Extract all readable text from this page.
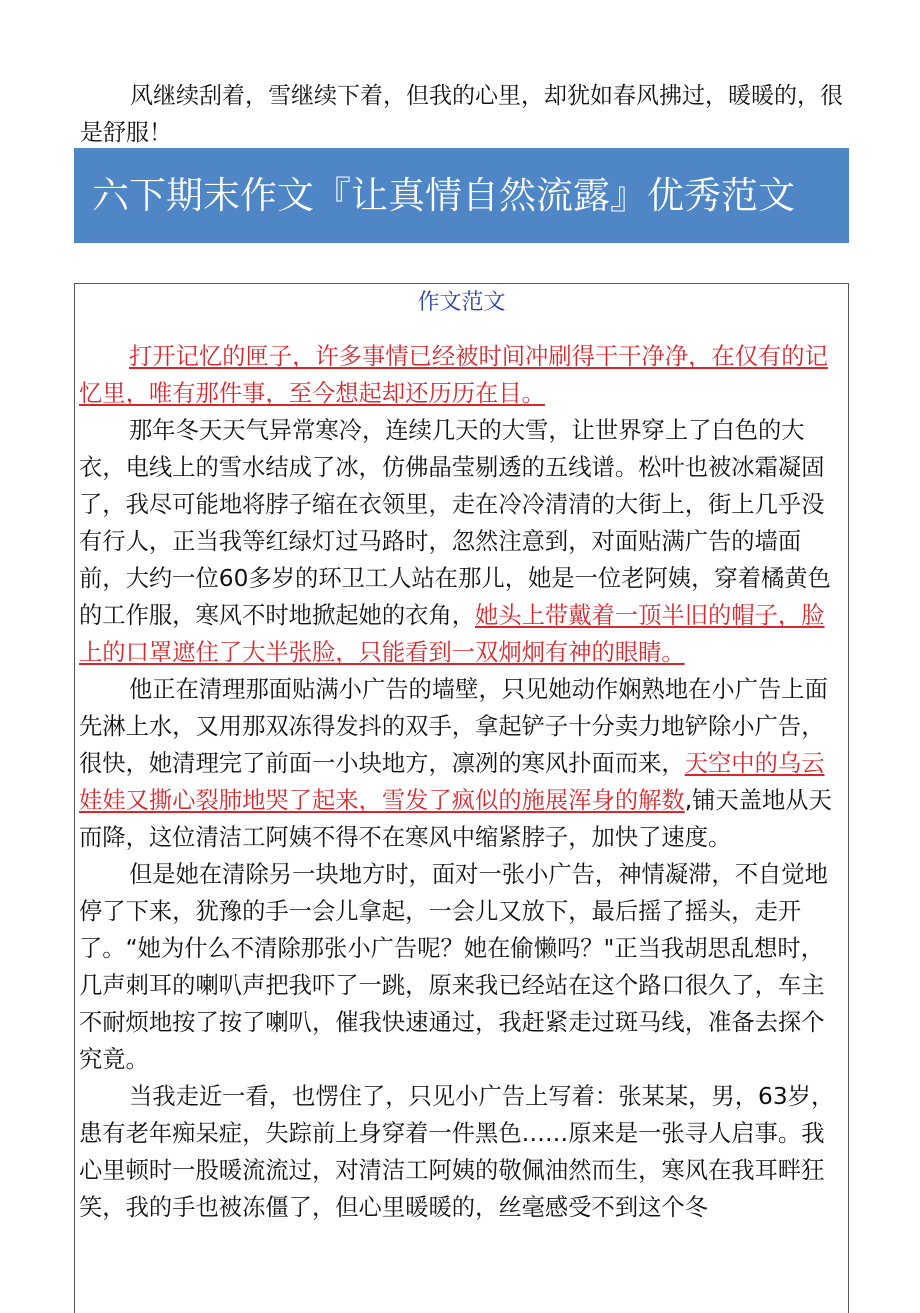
风继续刮着，雪继续下着，但我的心里，却犹如春风拂过，暖暖的，很是舒服！

六下期末作文『让真情自然流露』优秀范文

作文范文

打开记忆的匣子，许多事情已经被时间冲刷得干干净净，在仅有的记忆里，唯有那件事，至今想起却还历历在目。

那年冬天天气异常寒冷，连续几天的大雪，让世界穿上了白色的大衣，电线上的雪水结成了冰，仿佛晶莹剔透的五线谱。松叶也被冰霜凝固了，我尽可能地将脖子缩在衣领里，走在冷冷清清的大街上，街上几乎没有行人，正当我等红绿灯过马路时，忽然注意到，对面贴满广告的墙面前，大约一位60多岁的环卫工人站在那儿，她是一位老阿姨，穿着橘黄色的工作服，寒风不时地掀起她的衣角，她头上带戴着一顶半旧的帽子，脸上的口罩遮住了大半张脸，只能看到一双炯炯有神的眼睛。

他正在清理那面贴满小广告的墙壁，只见她动作娴熟地在小广告上面先淋上水，又用那双冻得发抖的双手，拿起铲子十分卖力地铲除小广告，很快，她清理完了前面一小块地方，凛冽的寒风扑面而来，天空中的乌云娃娃又撕心裂肺地哭了起来，雪发了疯似的施展浑身的解数,铺天盖地从天而降，这位清洁工阿姨不得不在寒风中缩紧脖子，加快了速度。

但是她在清除另一块地方时，面对一张小广告，神情凝滞，不自觉地停了下来，犹豫的手一会儿拿起，一会儿又放下，最后摇了摇头，走开了。“她为什么不清除那张小广告呢？她在偷懒吗？"正当我胡思乱想时，几声刺耳的喇叭声把我吓了一跳，原来我已经站在这个路口很久了，车主不耐烦地按了按了喇叭，催我快速通过，我赶紧走过斑马线，准备去探个究竟。

当我走近一看，也愣住了，只见小广告上写着：张某某，男，63岁，患有老年痴呆症，失踪前上身穿着一件黑色……原来是一张寻人启事。我心里顿时一股暖流流过，对清洁工阿姨的敬佩油然而生，寒风在我耳畔狂笑，我的手也被冻僵了，但心里暖暖的，丝毫感受不到这个冬
